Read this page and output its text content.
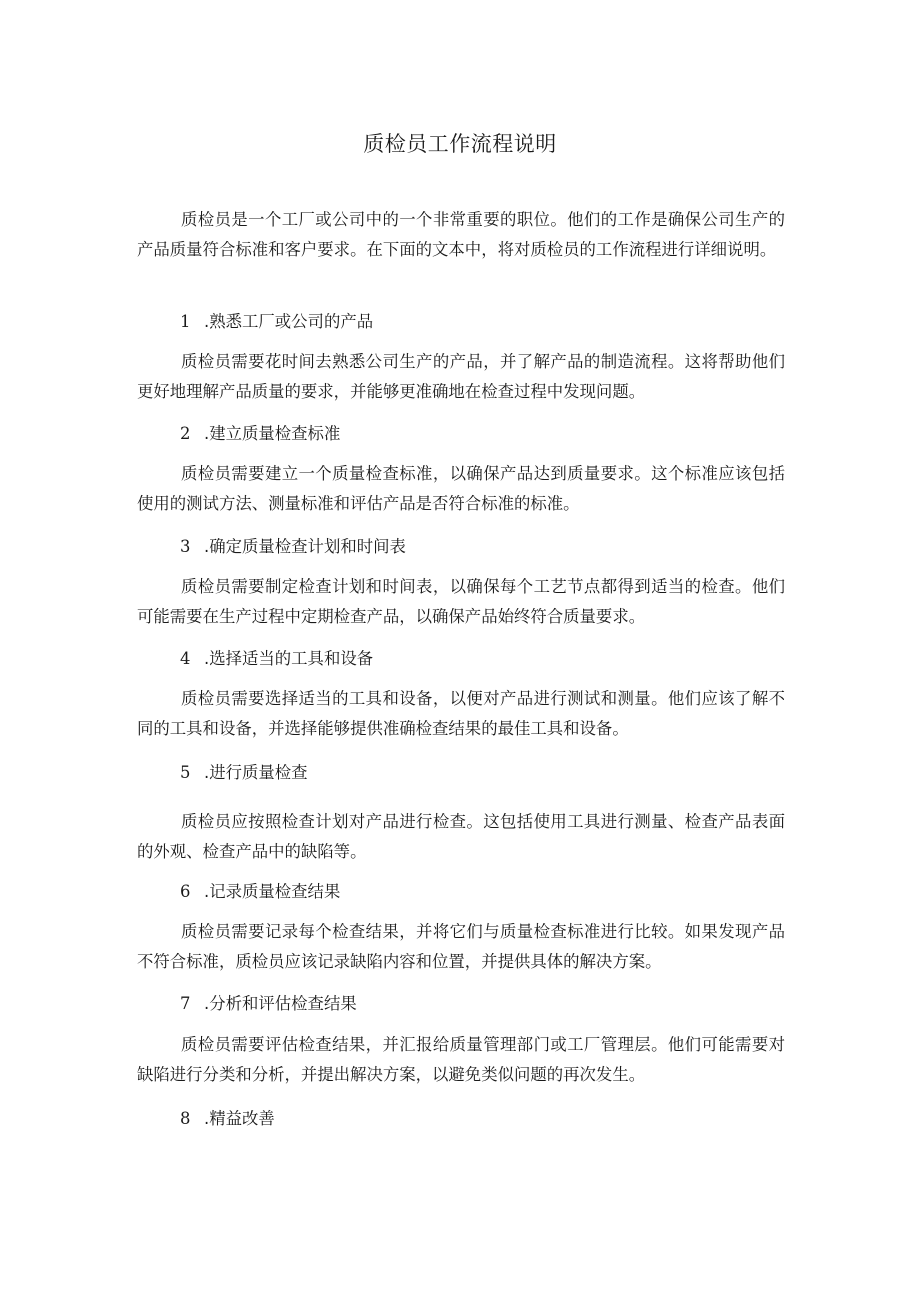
质检员工作流程说明

质检员是一个工厂或公司中的一个非常重要的职位。他们的工作是确保公司生产的产品质量符合标准和客户要求。在下面的文本中，将对质检员的工作流程进行详细说明。

1 .熟悉工厂或公司的产品

质检员需要花时间去熟悉公司生产的产品，并了解产品的制造流程。这将帮助他们更好地理解产品质量的要求，并能够更准确地在检查过程中发现问题。

2 .建立质量检查标准

质检员需要建立一个质量检查标准，以确保产品达到质量要求。这个标准应该包括使用的测试方法、测量标准和评估产品是否符合标准的标准。

3 .确定质量检查计划和时间表

质检员需要制定检查计划和时间表，以确保每个工艺节点都得到适当的检查。他们可能需要在生产过程中定期检查产品，以确保产品始终符合质量要求。

4 .选择适当的工具和设备

质检员需要选择适当的工具和设备，以便对产品进行测试和测量。他们应该了解不同的工具和设备，并选择能够提供准确检查结果的最佳工具和设备。

5 .进行质量检查

质检员应按照检查计划对产品进行检查。这包括使用工具进行测量、检查产品表面的外观、检查产品中的缺陷等。

6 .记录质量检查结果

质检员需要记录每个检查结果，并将它们与质量检查标准进行比较。如果发现产品不符合标准，质检员应该记录缺陷内容和位置，并提供具体的解决方案。

7 .分析和评估检查结果

质检员需要评估检查结果，并汇报给质量管理部门或工厂管理层。他们可能需要对缺陷进行分类和分析，并提出解决方案，以避免类似问题的再次发生。

8 .精益改善
